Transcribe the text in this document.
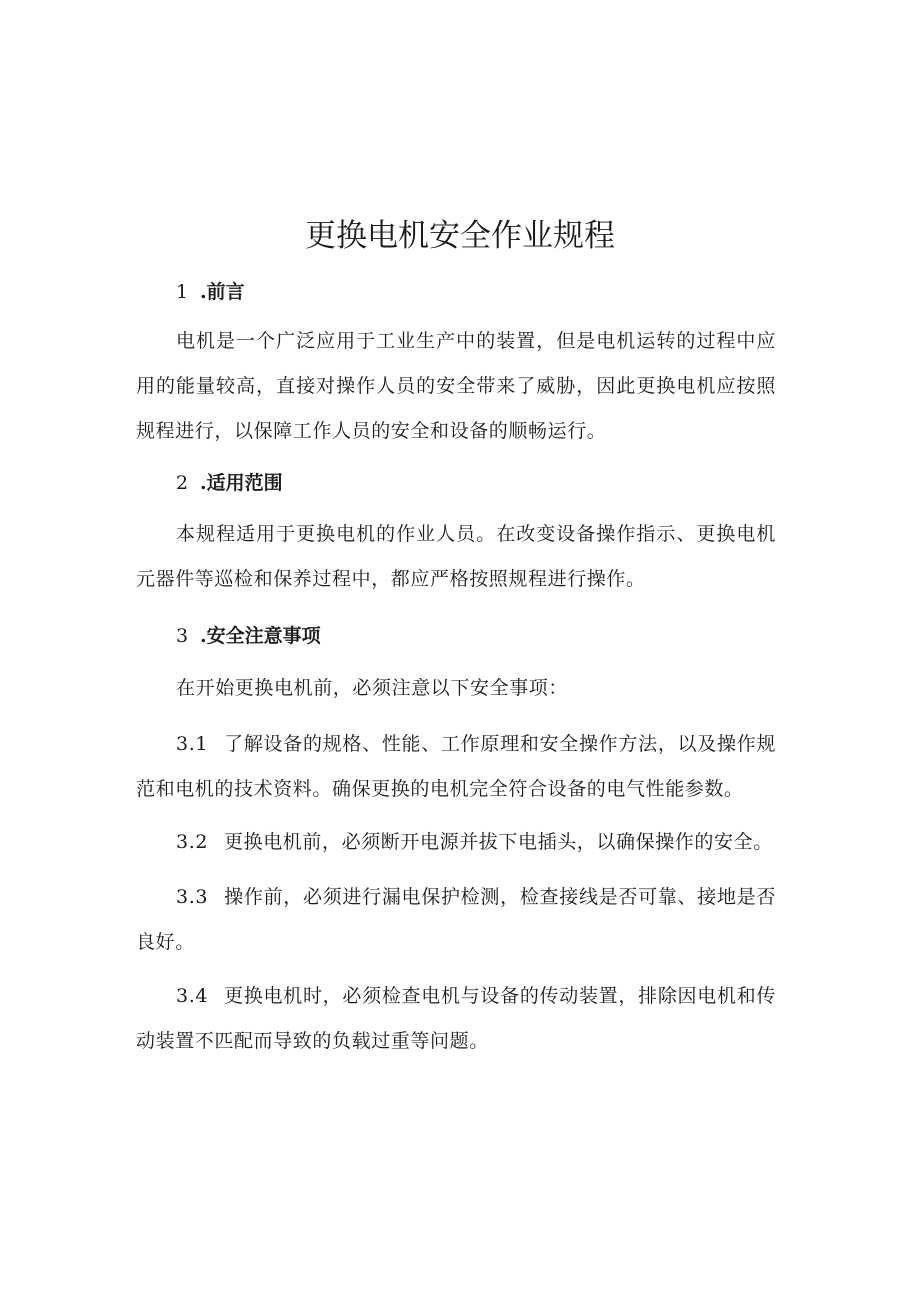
更换电机安全作业规程
1 .前言

电机是一个广泛应用于工业生产中的装置，但是电机运转的过程中应用的能量较高，直接对操作人员的安全带来了威胁，因此更换电机应按照规程进行，以保障工作人员的安全和设备的顺畅运行。

2 .适用范围

本规程适用于更换电机的作业人员。在改变设备操作指示、更换电机元器件等巡检和保养过程中，都应严格按照规程进行操作。

3 .安全注意事项

在开始更换电机前，必须注意以下安全事项：

3.1 了解设备的规格、性能、工作原理和安全操作方法，以及操作规范和电机的技术资料。确保更换的电机完全符合设备的电气性能参数。

3.2 更换电机前，必须断开电源并拔下电插头，以确保操作的安全。

3.3 操作前，必须进行漏电保护检测，检查接线是否可靠、接地是否良好。

3.4 更换电机时，必须检查电机与设备的传动装置，排除因电机和传动装置不匹配而导致的负载过重等问题。
